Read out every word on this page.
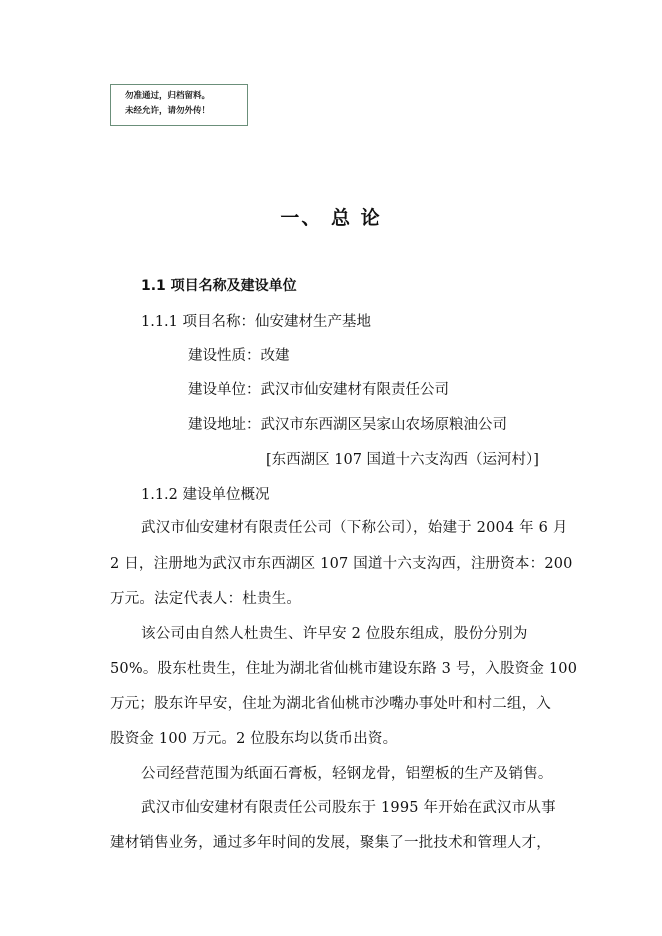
勿准通过，归档留料。
未经允许，请勿外传！
一、 总 论
1.1 项目名称及建设单位
1.1.1 项目名称：仙安建材生产基地
建设性质：改建
建设单位：武汉市仙安建材有限责任公司
建设地址：武汉市东西湖区吴家山农场原粮油公司
[东西湖区 107 国道十六支沟西（运河村）]
1.1.2 建设单位概况
武汉市仙安建材有限责任公司（下称公司），始建于 2004 年 6 月
2 日，注册地为武汉市东西湖区 107 国道十六支沟西，注册资本：200
万元。法定代表人：杜贵生。
该公司由自然人杜贵生、许早安 2 位股东组成，股份分别为
50%。股东杜贵生，住址为湖北省仙桃市建设东路 3 号，入股资金 100
万元；股东许早安，住址为湖北省仙桃市沙嘴办事处叶和村二组，入
股资金 100 万元。2 位股东均以货币出资。
公司经营范围为纸面石膏板，轻钢龙骨，铝塑板的生产及销售。
武汉市仙安建材有限责任公司股东于 1995 年开始在武汉市从事
建材销售业务，通过多年时间的发展，聚集了一批技术和管理人才，
